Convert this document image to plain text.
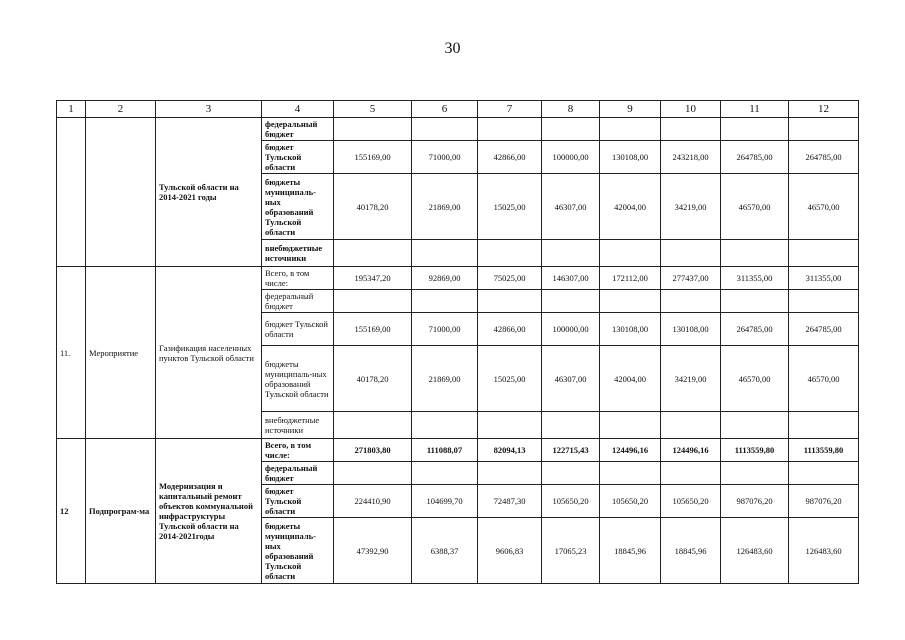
30
1	2	3	4	5	6	7	8	9	10	11	12
		Тульской области на 2014-2021 годы	федеральный бюджет								
			бюджет Тульской области	155169,00	71000,00	42866,00	100000,00	130108,00	243218,00	264785,00	264785,00
			бюджеты муниципаль-ных образований Тульской области	40178,20	21869,00	15025,00	46307,00	42004,00	34219,00	46570,00	46570,00
			внебюджетные источники								
11.	Мероприятие	Газификация населенных пунктов Тульской области	Всего, в том числе:	195347,20	92869,00	75025,00	146307,00	172112,00	277437,00	311355,00	311355,00
			федеральный бюджет								
			бюджет Тульской области	155169,00	71000,00	42866,00	100000,00	130108,00	130108,00	264785,00	264785,00
			бюджеты муниципаль-ных образований Тульской области	40178,20	21869,00	15025,00	46307,00	42004,00	34219,00	46570,00	46570,00
			внебюджетные источники								
12	Подпрограм-ма	Модернизация и капитальный ремонт объектов коммунальной инфраструктуры Тульской области на 2014-2021годы	Всего, в том числе:	271803,80	111088,07	82094,13	122715,43	124496,16	124496,16	1113559,80	1113559,80
			федеральный бюджет								
			бюджет Тульской области	224410,90	104699,70	72487,30	105650,20	105650,20	105650,20	987076,20	987076,20
			бюджеты муниципаль-ных образований Тульской области	47392,90	6388,37	9606,83	17065,23	18845,96	18845,96	126483,60	126483,60
